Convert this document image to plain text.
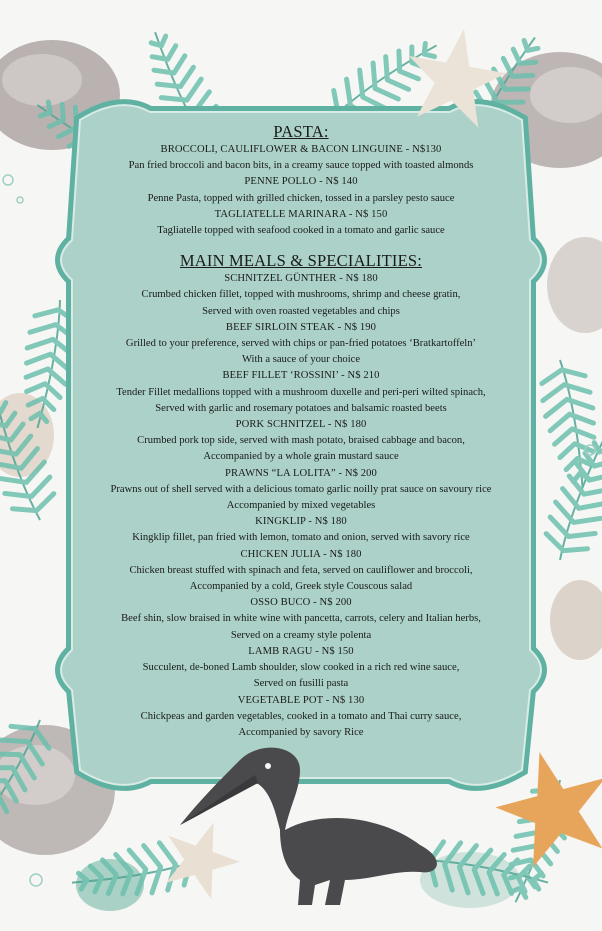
PASTA:
BROCCOLI, CAULIFLOWER & BACON LINGUINE - N$130
Pan fried broccoli and bacon bits, in a creamy sauce topped with toasted almonds
PENNE POLLO - N$ 140
Penne Pasta, topped with grilled chicken, tossed in a parsley pesto sauce
TAGLIATELLE MARINARA - N$ 150
Tagliatelle topped with seafood cooked in a tomato and garlic sauce
MAIN MEALS & SPECIALITIES:
SCHNITZEL GÜNTHER - N$ 180
Crumbed chicken fillet, topped with mushrooms, shrimp and cheese gratin,
Served with oven roasted vegetables and chips
BEEF SIRLOIN STEAK - N$ 190
Grilled to your preference, served with chips or pan-fried potatoes ‘Bratkartoffeln’
With a sauce of your choice
BEEF FILLET ‘ROSSINI’ - N$ 210
Tender Fillet medallions topped with a mushroom duxelle and peri-peri wilted spinach,
Served with garlic and rosemary potatoes and balsamic roasted beets
PORK SCHNITZEL - N$ 180
Crumbed pork top side, served with mash potato, braised cabbage and bacon,
Accompanied by a whole grain mustard sauce
PRAWNS “LA LOLITA” - N$ 200
Prawns out of shell served with a delicious tomato garlic noilly prat sauce on savoury rice
Accompanied by mixed vegetables
KINGKLIP - N$ 180
Kingklip fillet, pan fried with lemon, tomato and onion, served with savory rice
CHICKEN JULIA - N$ 180
Chicken breast stuffed with spinach and feta, served on cauliflower and broccoli,
Accompanied by a cold, Greek style Couscous salad
OSSO BUCO - N$ 200
Beef shin, slow braised in white wine with pancetta, carrots, celery and Italian herbs,
Served on a creamy style polenta
LAMB RAGU - N$ 150
Succulent, de-boned Lamb shoulder, slow cooked in a rich red wine sauce,
Served on fusilli pasta
VEGETABLE POT - N$ 130
Chickpeas and garden vegetables, cooked in a tomato and Thai curry sauce,
Accompanied by savory Rice
